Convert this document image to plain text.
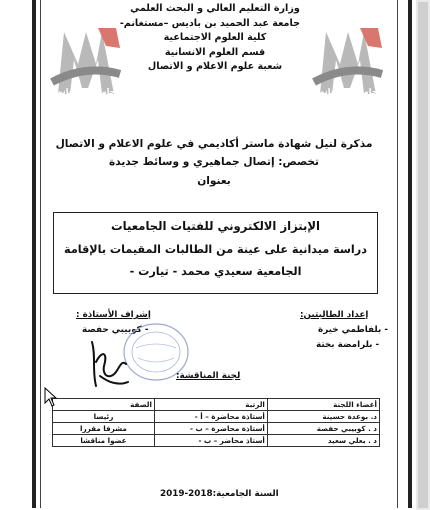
جامعة مستغانم	جامعة مستغانم
وزارة التعليم العالي و البحث العلمي
جامعة عبد الحميد بن باديس –مستغانم-
كلية العلوم الاجتماعية
قسم العلوم الانسانية
شعبة علوم الاعلام و الاتصال
مذكرة لنيل شهادة ماستر أكاديمي في علوم الاعلام و الاتصال
تخصص: إتصال جماهيري و وسائط جديدة
بعنوان
الإبتزاز الالكتروني للفتيات الجامعيات
دراسة ميدانية على عينة من الطالبات المقيمات بالإقامة
الجامعية سعيدي محمد - تيارت -
إعداد الطالبتين:
- بلفاطمي خيرة
- بلرامضة بختة
إشراف الأستاذة :
- كوبيبي حفصة
لجنة المناقشة:
أعضاء اللجنة	الرتبة	الصفة
د. بوعدة حسينة	أستاذة محاضرة – أ -	رئيسا
د . كوبيبي حفصة	أستاذة محاضرة – ب -	مشرفا مقررا
د . بعلي سعيد	أستاذ محاضر – ب -	عضوا مناقشا
السنة الجامعية:2018-2019
